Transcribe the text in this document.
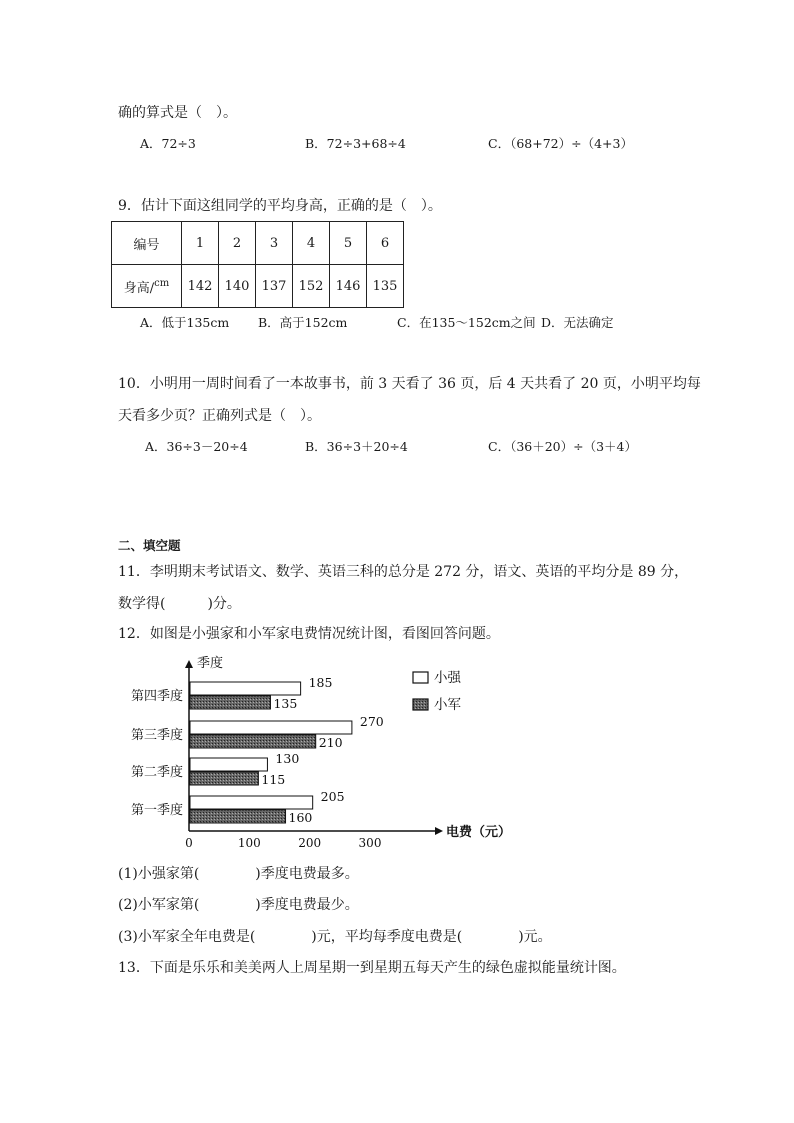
确的算式是（　）。
A．72÷3	B．72÷3+68÷4	C．（68+72）÷（4+3）
9．估计下面这组同学的平均身高，正确的是（　）。
编号	1	2	3	4	5	6
身高/$^{cm}$	142	140	137	152	146	135
A．低于135cm B．高于152cm	C．在135～152cm之间 D．无法确定
10．小明用一周时间看了一本故事书，前 3 天看了 36 页，后 4 天共看了 20 页，小明平均每
天看多少页？正确列式是（　）。
A．36÷3－20÷4	B．36÷3＋20÷4	C．（36＋20）÷（3＋4）
二、填空题
11．李明期末考试语文、数学、英语三科的总分是 272 分，语文、英语的平均分是 89 分，
数学得(　　　)分。
12．如图是小强家和小军家电费情况统计图，看图回答问题。
季度
电费（元）
0	100	200	300
第四季度
185
135
第三季度
270
210
第二季度
130
115
第一季度
205
160
小强
小军
(1)小强家第(　　　　)季度电费最多。
(2)小军家第(　　　　)季度电费最少。
(3)小军家全年电费是(　　　　)元，平均每季度电费是(　　　　)元。
13．下面是乐乐和美美两人上周星期一到星期五每天产生的绿色虚拟能量统计图。
